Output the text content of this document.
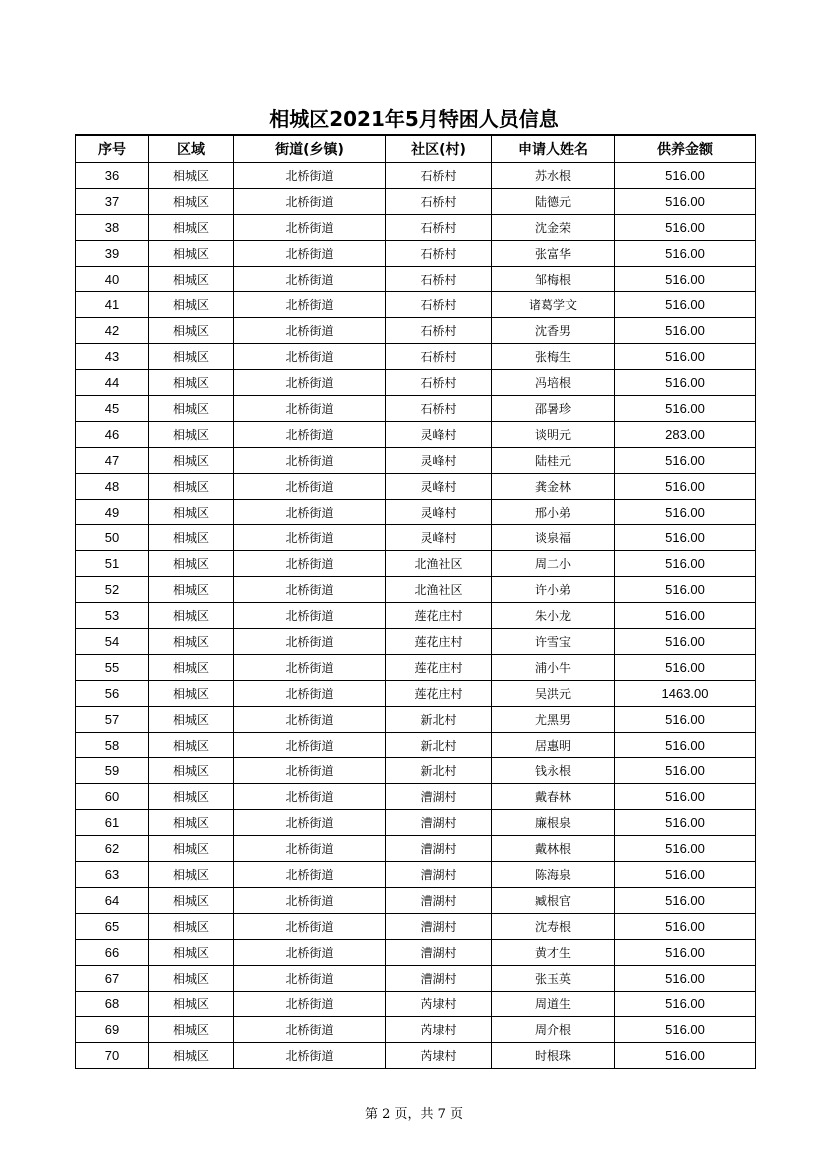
相城区2021年5月特困人员信息
序号	区域	街道(乡镇)	社区(村)	申请人姓名	供养金额
36	相城区	北桥街道	石桥村	苏水根	516.00
37	相城区	北桥街道	石桥村	陆德元	516.00
38	相城区	北桥街道	石桥村	沈金荣	516.00
39	相城区	北桥街道	石桥村	张富华	516.00
40	相城区	北桥街道	石桥村	邹梅根	516.00
41	相城区	北桥街道	石桥村	诸葛学文	516.00
42	相城区	北桥街道	石桥村	沈香男	516.00
43	相城区	北桥街道	石桥村	张梅生	516.00
44	相城区	北桥街道	石桥村	冯培根	516.00
45	相城区	北桥街道	石桥村	邵暑珍	516.00
46	相城区	北桥街道	灵峰村	谈明元	283.00
47	相城区	北桥街道	灵峰村	陆桂元	516.00
48	相城区	北桥街道	灵峰村	龚金林	516.00
49	相城区	北桥街道	灵峰村	邢小弟	516.00
50	相城区	北桥街道	灵峰村	谈泉福	516.00
51	相城区	北桥街道	北渔社区	周二小	516.00
52	相城区	北桥街道	北渔社区	许小弟	516.00
53	相城区	北桥街道	莲花庄村	朱小龙	516.00
54	相城区	北桥街道	莲花庄村	许雪宝	516.00
55	相城区	北桥街道	莲花庄村	浦小牛	516.00
56	相城区	北桥街道	莲花庄村	吴洪元	1463.00
57	相城区	北桥街道	新北村	尤黑男	516.00
58	相城区	北桥街道	新北村	居惠明	516.00
59	相城区	北桥街道	新北村	钱永根	516.00
60	相城区	北桥街道	漕湖村	戴春林	516.00
61	相城区	北桥街道	漕湖村	廉根泉	516.00
62	相城区	北桥街道	漕湖村	戴林根	516.00
63	相城区	北桥街道	漕湖村	陈海泉	516.00
64	相城区	北桥街道	漕湖村	臧根官	516.00
65	相城区	北桥街道	漕湖村	沈寿根	516.00
66	相城区	北桥街道	漕湖村	黄才生	516.00
67	相城区	北桥街道	漕湖村	张玉英	516.00
68	相城区	北桥街道	芮埭村	周道生	516.00
69	相城区	北桥街道	芮埭村	周介根	516.00
70	相城区	北桥街道	芮埭村	时根珠	516.00
第 2 页，共 7 页
